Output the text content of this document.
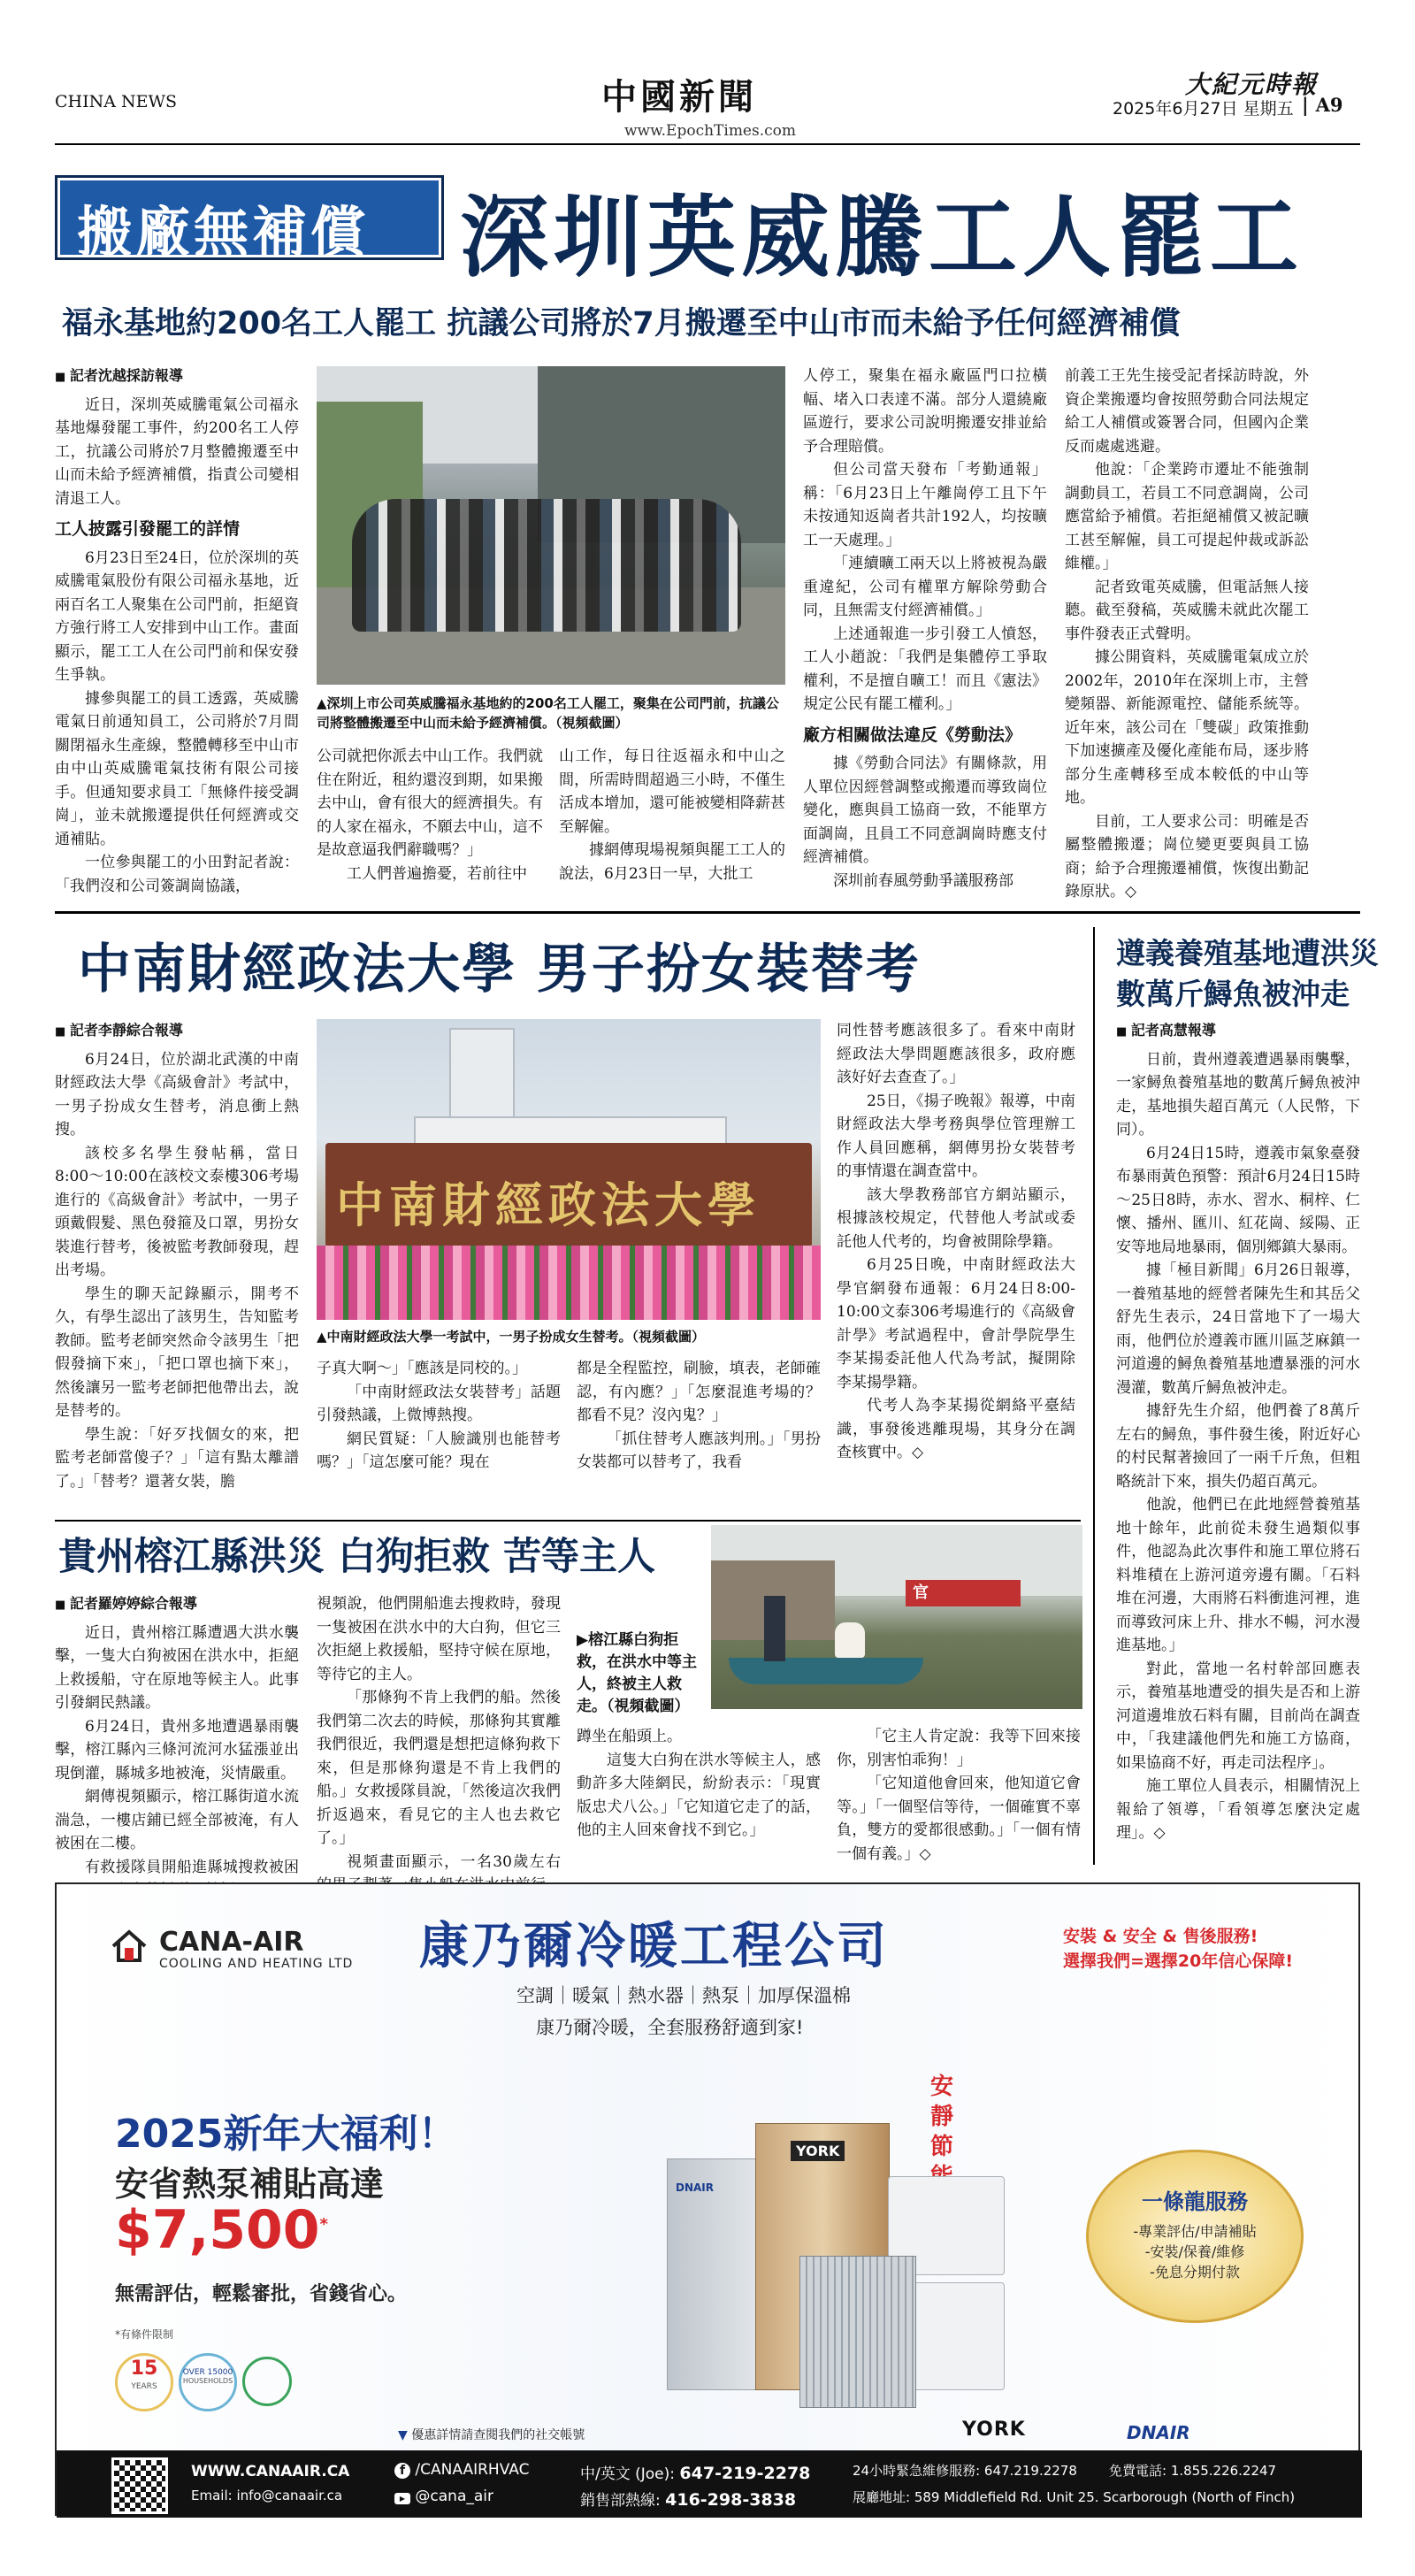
CHINA NEWS	中國新聞
www.EpochTimes.com
大紀元時報
2025年6月27日 星期五 | A9
搬廠無補償 深圳英威騰工人罷工
福永基地約200名工人罷工 抗議公司將於7月搬遷至中山市而未給予任何經濟補償
■ 記者沈越採訪報導

近日，深圳英威騰電氣公司福永基地爆發罷工事件，約200名工人停工，抗議公司將於7月整體搬遷至中山而未給予經濟補償，指責公司變相清退工人。

工人披露引發罷工的詳情

6月23日至24日，位於深圳的英威騰電氣股份有限公司福永基地，近兩百名工人聚集在公司門前，拒絕資方強行將工人安排到中山工作。畫面顯示，罷工工人在公司門前和保安發生爭執。

據參與罷工的員工透露，英威騰電氣日前通知員工，公司將於7月間關閉福永生產線，整體轉移至中山市由中山英威騰電氣技術有限公司接手。但通知要求員工「無條件接受調崗」，並未就搬遷提供任何經濟或交通補貼。

一位參與罷工的小田對記者說：「我們沒和公司簽調崗協議，

▲深圳上市公司英威騰福永基地約的200名工人罷工，聚集在公司門前，抗議公司將整體搬遷至中山而未給予經濟補償。（視頻截圖）

公司就把你派去中山工作。我們就住在附近，租約還沒到期，如果搬去中山，會有很大的經濟損失。有的人家在福永，不願去中山，這不是故意逼我們辭職嗎？」

工人們普遍擔憂，若前往中

山工作，每日往返福永和中山之間，所需時間超過三小時，不僅生活成本增加，還可能被變相降薪甚至解僱。

據網傳現場視頻與罷工工人的說法，6月23日一早，大批工

人停工，聚集在福永廠區門口拉橫幅、堵入口表達不滿。部分人還繞廠區遊行，要求公司說明搬遷安排並給予合理賠償。

但公司當天發布「考勤通報」稱：「6月23日上午離崗停工且下午未按通知返崗者共計192人，均按曠工一天處理。」

「連續曠工兩天以上將被視為嚴重違紀，公司有權單方解除勞動合同，且無需支付經濟補償。」

上述通報進一步引發工人憤怒，工人小趙說：「我們是集體停工爭取權利，不是擅自曠工！而且《憲法》規定公民有罷工權利。」

廠方相關做法違反《勞動法》

據《勞動合同法》有關條款，用人單位因經營調整或搬遷而導致崗位變化，應與員工協商一致，不能單方面調崗，且員工不同意調崗時應支付經濟補償。

深圳前春風勞動爭議服務部

前義工王先生接受記者採訪時說，外資企業搬遷均會按照勞動合同法規定給工人補償或簽署合同，但國內企業反而處處逃避。

他說：「企業跨市遷址不能強制調動員工，若員工不同意調崗，公司應當給予補償。若拒絕補償又被記曠工甚至解僱，員工可提起仲裁或訴訟維權。」

記者致電英威騰，但電話無人接聽。截至發稿，英威騰未就此次罷工事件發表正式聲明。

據公開資料，英威騰電氣成立於2002年，2010年在深圳上市，主營變頻器、新能源電控、儲能系統等。近年來，該公司在「雙碳」政策推動下加速擴產及優化產能布局，逐步將部分生產轉移至成本較低的中山等地。

目前，工人要求公司：明確是否屬整體搬遷；崗位變更要與員工協商；給予合理搬遷補償，恢復出勤記錄原狀。◇

中南財經政法大學 男子扮女裝替考
■ 記者李靜綜合報導

6月24日，位於湖北武漢的中南財經政法大學《高級會計》考試中，一男子扮成女生替考，消息衝上熱搜。

該校多名學生發帖稱，當日8:00～10:00在該校文泰樓306考場進行的《高級會計》考試中，一男子頭戴假髮、黑色發箍及口罩，男扮女裝進行替考，後被監考教師發現，趕出考場。

學生的聊天記錄顯示，開考不久，有學生認出了該男生，告知監考教師。監考老師突然命令該男生「把假發摘下來」，「把口罩也摘下來」，然後讓另一監考老師把他帶出去，說是替考的。

學生說：「好歹找個女的來，把監考老師當傻子？」「這有點太離譜了。」「替考？還著女裝，膽

中南財經政法大學
▲中南財經政法大學一考試中，一男子扮成女生替考。（視頻截圖）

子真大啊～」「應該是同校的。」

「中南財經政法女裝替考」話題引發熱議，上微博熱搜。

網民質疑：「人臉識別也能替考嗎？」「這怎麼可能？現在

都是全程監控，刷臉，填表，老師確認，有內應？」「怎麼混進考場的？都看不見？沒內鬼？」

「抓住替考人應該判刑。」「男扮女裝都可以替考了，我看

同性替考應該很多了。看來中南財經政法大學問題應該很多，政府應該好好去查查了。」

25日，《揚子晚報》報導，中南財經政法大學考務與學位管理辦工作人員回應稱，網傳男扮女裝替考的事情還在調查當中。

該大學教務部官方網站顯示，根據該校規定，代替他人考試或委託他人代考的，均會被開除學籍。

6月25日晚，中南財經政法大學官網發布通報：6月24日8:00-10:00文泰306考場進行的《高級會計學》考試過程中，會計學院學生李某揚委託他人代為考試，擬開除李某揚學籍。

代考人為李某揚從網絡平臺結識，事發後逃離現場，其身分在調查核實中。◇

遵義養殖基地遭洪災
數萬斤鱘魚被沖走
■ 記者高慧報導

日前，貴州遵義遭遇暴雨襲擊，一家鱘魚養殖基地的數萬斤鱘魚被沖走，基地損失超百萬元（人民幣，下同）。

6月24日15時，遵義市氣象臺發布暴雨黃色預警：預計6月24日15時～25日8時，赤水、習水、桐梓、仁懷、播州、匯川、紅花崗、綏陽、正安等地局地暴雨，個別鄉鎮大暴雨。

據「極目新聞」6月26日報導，一養殖基地的經營者陳先生和其岳父舒先生表示，24日當地下了一場大雨，他們位於遵義市匯川區芝麻鎮一河道邊的鱘魚養殖基地遭暴漲的河水漫灌，數萬斤鱘魚被沖走。

據舒先生介紹，他們養了8萬斤左右的鱘魚，事件發生後，附近好心的村民幫著撿回了一兩千斤魚，但粗略統計下來，損失仍超百萬元。

他說，他們已在此地經營養殖基地十餘年，此前從未發生過類似事件，他認為此次事件和施工單位將石料堆積在上游河道旁邊有關。「石料堆在河邊，大雨將石料衝進河裡，進而導致河床上升、排水不暢，河水漫進基地。」

對此，當地一名村幹部回應表示，養殖基地遭受的損失是否和上游河道邊堆放石料有關，目前尚在調查中，「我建議他們先和施工方協商，如果協商不好，再走司法程序」。

施工單位人員表示，相關情況上報給了領導，「看領導怎麼決定處理」。◇

貴州榕江縣洪災 白狗拒救 苦等主人
■ 記者羅婷婷綜合報導

近日，貴州榕江縣遭遇大洪水襲擊，一隻大白狗被困在洪水中，拒絕上救援船，守在原地等候主人。此事引發網民熱議。

6月24日，貴州多地遭遇暴雨襲擊，榕江縣內三條河流河水猛漲並出現倒灌，縣城多地被淹，災情嚴重。

網傳視頻顯示，榕江縣街道水流湍急，一樓店鋪已經全部被淹，有人被困在二樓。

有救援隊員開船進縣城搜救被困

視頻說，他們開船進去搜救時，發現一隻被困在洪水中的大白狗，但它三次拒絕上救援船，堅持守候在原地，等待它的主人。

「那條狗不肯上我們的船。然後我們第二次去的時候，那條狗其實離我們很近，我們還是想把這條狗救下來，但是那條狗還是不肯上我們的船。」女救援隊員說，「然後這次我們折返過來，看見它的主人也去救它了。」

視頻畫面顯示，一名30歲左右

官
▶榕江縣白狗拒救，在洪水中等主人，終被主人救走。（視頻截圖）

蹲坐在船頭上。

這隻大白狗在洪水等候主人，感動許多大陸網民，紛紛表示：「現實版忠犬八公。」「它知道它走了的話，他的主人回來會找不到它。」

「它主人肯定說：我等下回來接你，別害怕乖狗！」

「它知道他會回來，他知道它會等。」「一個堅信等待，一個確實不辜負，雙方的愛都很感動。」「一個有情一個有義。」◇

CANA-AIR
COOLING AND HEATING LTD 康乃爾冷暖工程公司
空調｜暖氣｜熱水器｜熱泵｜加厚保溫棉
康乃爾冷暖，全套服務舒適到家!
安裝 & 安全 & 售後服務!
選擇我們=選擇20年信心保障!
2025新年大福利！
安省熱泵補貼高達
$7,500*
無需評估，輕鬆審批，省錢省心。
*有條件限制
15
YEARS
OVER 15000
HOUSEHOLDS
安靜節
YORK
DNAIR
一條龍服務
-專業評估/申請補貼
-安裝/保養/維修
-免息分期付款
YORK	DNAIR
▼ 優惠詳情請查閱我們的社交帳號
WWW.CANAAIR.CA
Email: info@canaair.ca
f /CANAAIRHVAC
▶ @cana_air
中/英文 (Joe): 647-219-2278
銷售部熱線: 416-298-3838
24小時緊急維修服務: 647.219.2278 免費電話: 1.855.226.2247
展廳地址: 589 Middlefield Rd. Unit 25. Scarborough (North of Finch)
